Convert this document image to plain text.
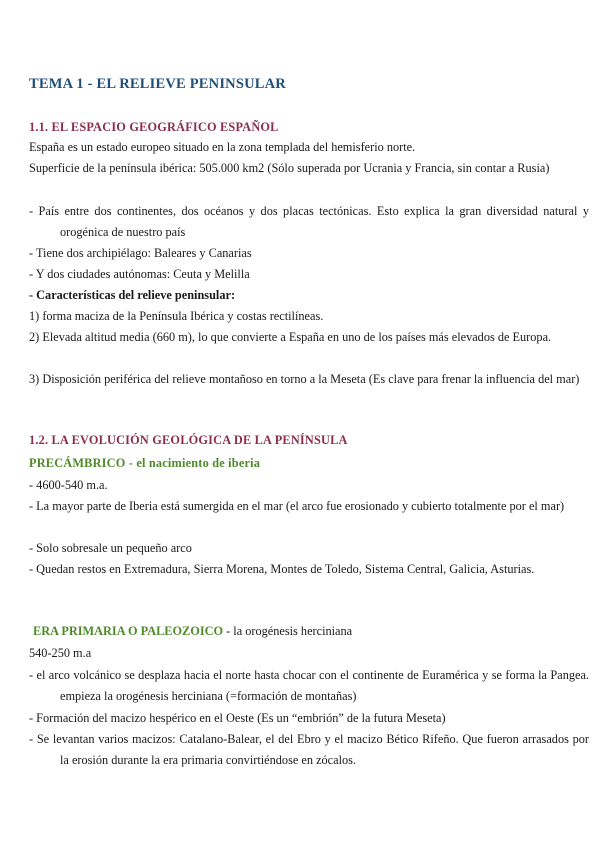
TEMA 1 - EL RELIEVE PENINSULAR
1.1. EL ESPACIO GEOGRÁFICO ESPAÑOL
España es un estado europeo situado en la zona templada del hemisferio norte.
Superficie de la península ibérica: 505.000 km2 (Sólo superada por Ucrania y Francia, sin contar a Rusia)
- País entre dos continentes, dos océanos y dos placas tectónicas. Esto explica la gran diversidad natural y orogénica de nuestro país
- Tiene dos archipiélago: Baleares y Canarias
- Y dos ciudades autónomas: Ceuta y Melilla
- Características del relieve peninsular:
1) forma maciza de la Península Ibérica y costas rectilíneas.
2) Elevada altitud media (660 m), lo que convierte a España en uno de los países más elevados de Europa.
3) Disposición periférica del relieve montañoso en torno a la Meseta (Es clave para frenar la influencia del mar)
1.2. LA EVOLUCIÓN GEOLÓGICA DE LA PENÍNSULA
PRECÁMBRICO - el nacimiento de iberia
- 4600-540 m.a.
- La mayor parte de Iberia está sumergida en el mar (el arco fue erosionado y cubierto totalmente por el mar)
- Solo sobresale un pequeño arco
- Quedan restos en Extremadura, Sierra Morena, Montes de Toledo, Sistema Central, Galicia, Asturias.
ERA PRIMARIA O PALEOZOICO - la orogénesis herciniana
540-250 m.a
- el arco volcánico se desplaza hacia el norte hasta chocar con el continente de Euramérica y se forma la Pangea. empieza la orogénesis herciniana (=formación de montañas)
- Formación del macizo hespérico en el Oeste (Es un “embrión” de la futura Meseta)
- Se levantan varios macizos: Catalano-Balear, el del Ebro y el macizo Bético Rifeño. Que fueron arrasados por la erosión durante la era primaria convirtiéndose en zócalos.
